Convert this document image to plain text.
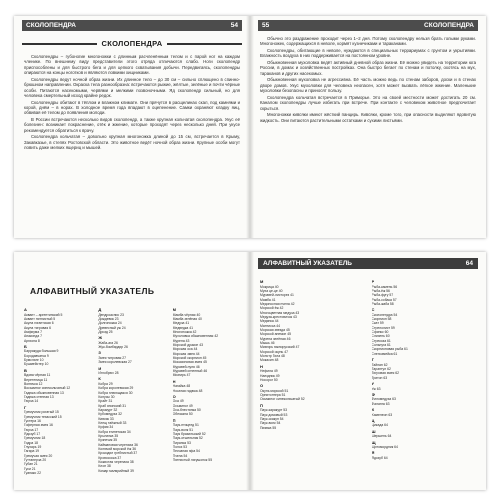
СКОЛОПЕНДРА	54
СКОЛОПЕНДРА

Сколопендры – губоногие многоножки с длинным расчленённым телом и с парой ног на каждом членике. По внешнему виду представители этого отряда отличаются слабо. Ноги сколопендр приспособлены и для быстрого бега и для цепкого схватывания добычи. Передвигаясь, сколопендры опираются на концы ноготков и являются ловкими хищниками.

Сколопендры ведут ночной образ жизни. Их длинное тело – до 30 см – сильно сплющено в спинно-брюшном направлении. Окраска тела разнообразна: встречаются рыжие, жёлтые, зелёные и почти чёрные особи. Питаются насекомыми, червями и мелкими позвоночными. Яд сколопендр сильный, но для человека смертельный исход крайне редок.

Сколопендры обитают в тёплом и влажном климате. Они прячутся в расщелинах скал, под камнями и корой, днём – в норах. В холодное время года впадают в оцепенение. Самки охраняют кладку яиц, обвивая её телом до появления молоди.

В России встречаются несколько видов сколопендр, а также крупная кольчатая сколопендра. Укус её болезнен: возникает покраснение, отёк и жжение, которые проходят через несколько дней. При укусе рекомендуется обратиться к врачу.

Сколопендра кольчатая – довольно крупная многоножка длиной до 15 см, встречается в Крыму, Закавказье, в степях Ростовской области. Это животное ведёт ночной образ жизни. Крупные особи могут ловить даже мелких ящериц и мышей.

55	СКОЛОПЕНДРА

Обычно это раздражение проходит через 1–2 дня. Потому сколопендру нельзя брать голыми руками. Многоножек, содержащихся в неволе, кормят кузнечиками и тараканами.

Сколопендры, обитающие в неволе, нуждаются в специальных террариумах с грунтом и укрытиями. Влажность воздуха в них поддерживается на постоянном уровне.

Обыкновенная мухоловка ведёт активный дневной образ жизни. Её можно увидеть на территории юга России, в домах и хозяйственных постройках. Она быстро бегает по стенам и потолку, охотясь на мух, тараканов и других насекомых.

Обыкновенная мухоловка не агрессивна. Её часть можно ведь по стенам заборов, доски и в стенах дворе домов. Укус мухоловки для человека неопасен, хотя может вызвать лёгкое жжение. Маленькие мухоловки безопасны и приносят пользу.

Сколопендра кольчатая встречается в Приморье. Это на своей местности может достигать 20 см. Каналом сколопендры лучше избегать при встрече. При контакте с человеком животное предпочитает скрыться.

Многоножки кивсяки имеют жёсткий панцирь. Кивсяки, кроме того, при опасности выделяют ядовитую жидкость. Они питаются растительными остатками и сухими листьями.

АЛФАВИТНЫЙ УКАЗАТЕЛЬ
А
Аквант – аргентинский 5
Аквант пятнистый 5
Акула гигантская 6
Акула тигровая 6
Амфиума 7
Анаконда 7
Аргиопа 8
Б
Барракуда большая 9
Бородавчатка 9
Бумсланг 10
Бушмейстер 10
В
Вдова чёрная 11
Веретеница 11
Вонючка 12
Восьминог синекольчатый 12
Гадюка обыкновенная 13
Гадюка степная 13
Гюрза 14
Г
Гремучник рогатый 15
Гремучник техасский 15
Густера 16
Гоферная змея 16
Гюрза 17
Ядозуб 17
Гремучник 18
Гидра 18
Глухарь 19
Гагара 19
Гремучая змея 20
Гуттаперча 20
Губан 21
Гуси 21
Гуанако 22
Д
Дендроаспис 23
Дождевик 23
Долгоножка 24
Древесный уж 24
Дрозд 25
Ж
Жаба-ага 26
Жук-бомбардир 26
З
Змея тигровая 27
Змея королевская 27
И
Иглобрюх 28
К
Кобра 29
Кобра королевская 29
Кобра плюющаяся 30
Конусы 30
Крайт 31
Краб японский 31
Каракурт 32
Кубомедуза 32
Кивсяк 33
Клещ таёжный 33
Куфия 34
Кобра египетская 34
Крылатка 35
Кузнечик 35
Каймановая черепаха 36
Колючий морской ёж 36
Крокодил гребнистый 37
Кровососка 37
Кожистая черепаха 38
Клоп 38
Комар малярийный 39
М
Мамба чёрная 40
Мамба зелёная 40
Медуза 41
Медведка 41
Многоножка 42
Мухоловка обыкновенная 42
Мурена 43
Морской дракон 43
Морская оса 44
Морская змея 44
Морской скорпион 45
Мокасиновая змея 45
Муравей-пуля 46
Муравей огненный 46
Мизгирь 47
Н
Нагайка 48
Носатая гадюка 48
О
Оса 49
Осьминог 49
Оса-блестянка 50
Обезьяна 50
П
Паук-птицеед 51
Паук-волк 51
Паук бразильский 52
Паук-отшельник 52
Пиранья 53
Полоз 53
Песчаная эфа 54
Пчела 54
Пятнистый лягушонок 55
АЛФАВИТНЫЙ УКАЗАТЕЛЬ	64
М
Мокрица 40
Муха це-це 40
Муравей-листорез 41
Мамба 41
Медоносная пчела 42
Морской ёж 42
Многоцветная медуза 43
Медуза-крестовичок 43
Медянка 44
Мантисса 44
Морская звезда 45
Морской анемон 45
Мурена зелёная 46
Мышь 46
Мизгирь южнорусский 47
Морской окунь 47
Монстр Гила 48
Мокасин 48
Н
Нефила 49
Наездник 49
Носорог 50
О
Окунь морской 51
Орнитоптера 51
Осьминог синекольчатый 52
П
Паук-каракурт 53
Паук домовый 53
Паук-скакун 54
Паук-волк 54
Пиявка 55
Р
Рыба-камень 56
Рыба-ёж 56
Рыба-фугу 57
Рыба-собака 57
Рыба-жаба 58
С
Сколопендра 54
Скорпион 58
Скат 59
Стрелолист 59
Сфинкс 60
Слизень 60
Стрекоза 61
Сольпуга 61
Скорпионовая рыба 61
Слепозмейка 61
Т
Тайпан 62
Тарантул 62
Тигровая змея 62
Тритон 63
У
Уж 63
Ф
Филомедуза 63
Фаланга 63
Х
Хамелеон 63
Ц
Цикада 64
Ш
Шершень 64
Щ
Щитомордник 64
Я
Ядозуб 64
